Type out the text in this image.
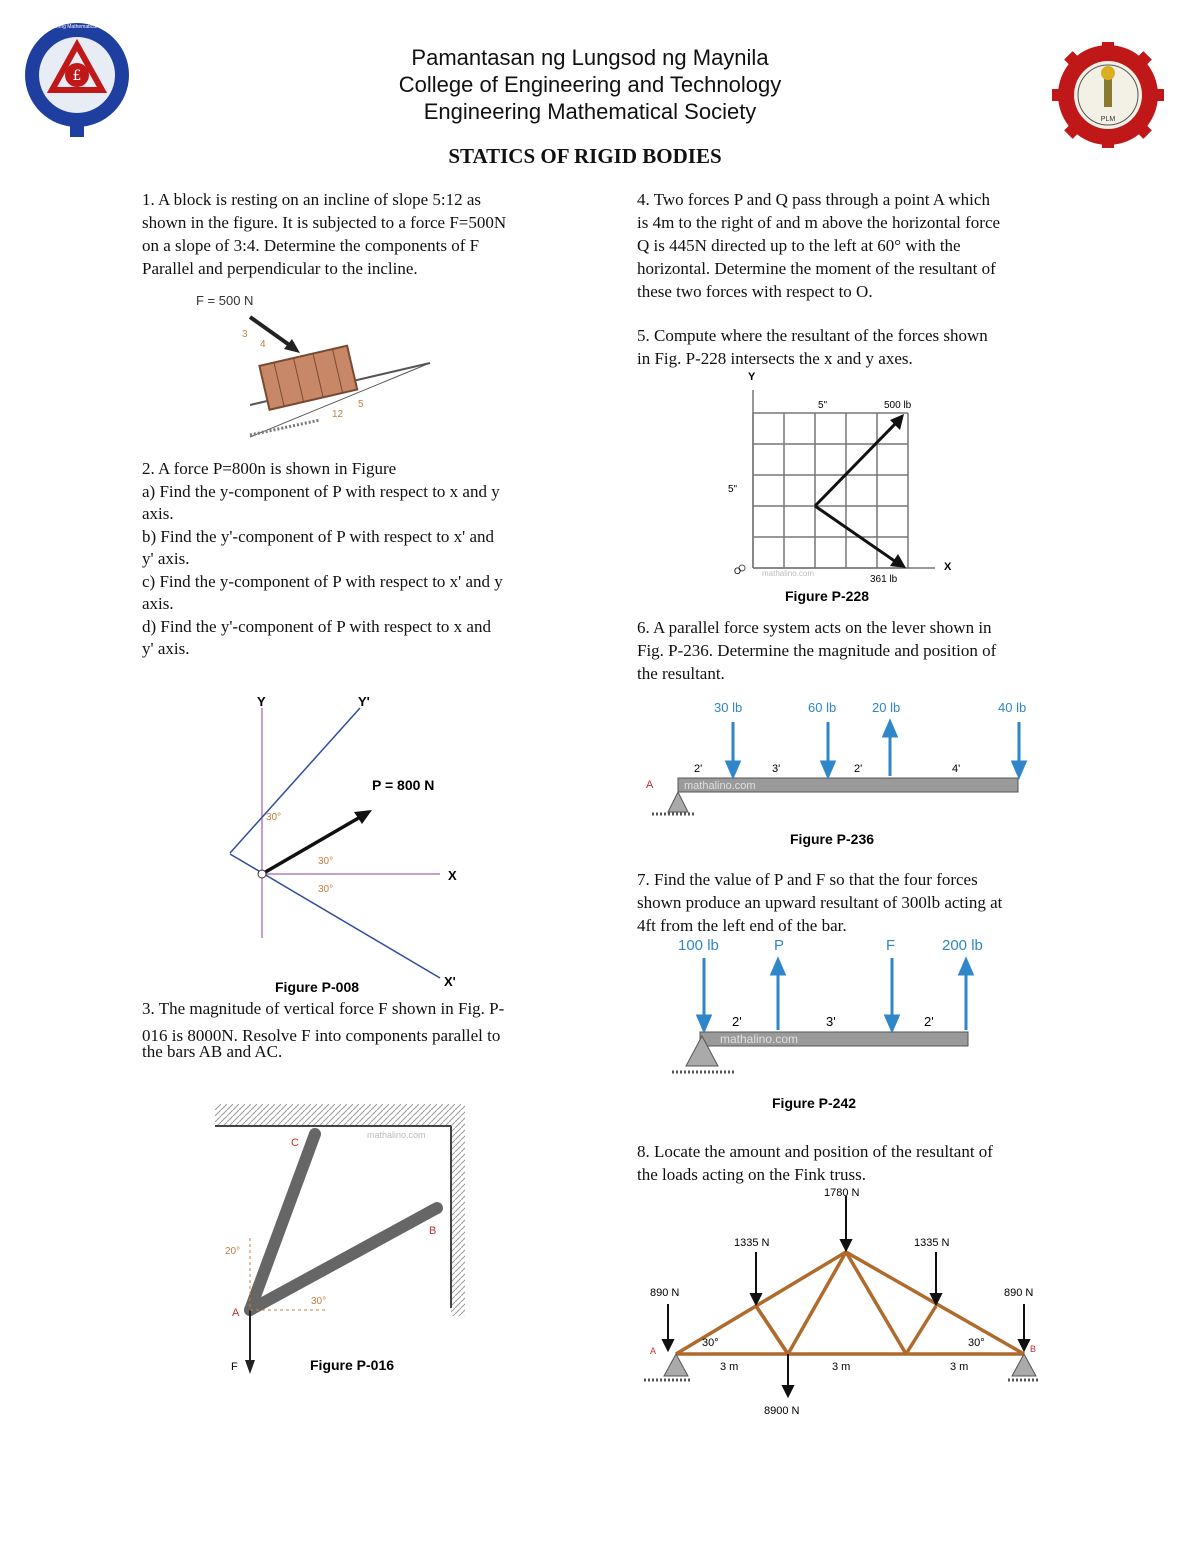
£
Engineering Mathematical Society
PLM
Pamantasan ng Lungsod ng Maynila
College of Engineering and Technology
Engineering Mathematical Society
STATICS OF RIGID BODIES
1. A block is resting on an incline of slope 5:12 as
shown in the figure. It is subjected to a force F=500N
on a slope of 3:4. Determine the components of F
Parallel and perpendicular to the incline.
F = 500 N
3
4
12
5
2. A force P=800n is shown in Figure
a) Find the y-component of P with respect to x and y
axis.
b) Find the y'-component of P with respect to x' and
y' axis.
c) Find the y-component of P with respect to x' and y
axis.
d) Find the y'-component of P with respect to x and
y' axis.
Y	Y'
X
X'
P = 800 N
30°
30°
30°
Figure P-008
3. The magnitude of vertical force F shown in Fig. P-
016 is 8000N. Resolve F into components parallel to
the bars AB and AC.
C
B
A
F
20°
30°
mathalino.com
Figure P-016
4. Two forces P and Q pass through a point A which
is 4m to the right of and m above the horizontal force
Q is 445N directed up to the left at 60° with the
horizontal. Determine the moment of the resultant of
these two forces with respect to O.
5. Compute where the resultant of the forces shown
in Fig. P-228 intersects the x and y axes.
Y
X
O
5"
5"
500 lb
361 lb
mathalino.com
Figure P-228
6. A parallel force system acts on the lever shown in
Fig. P-236. Determine the magnitude and position of
the resultant.
A
30 lb	60 lb	20 lb	40 lb
2'	3'	2'	4'
mathalino.com
Figure P-236
7. Find the value of P and F so that the four forces
shown produce an upward resultant of 300lb acting at
4ft from the left end of the bar.
100 lb	P	F	200 lb
2'	3'	2'
mathalino.com
Figure P-242
8. Locate the amount and position of the resultant of
the loads acting on the Fink truss.
1780 N
1335 N	1335 N
890 N	890 N
8900 N
A	B
30°	30°
3 m	3 m	3 m
